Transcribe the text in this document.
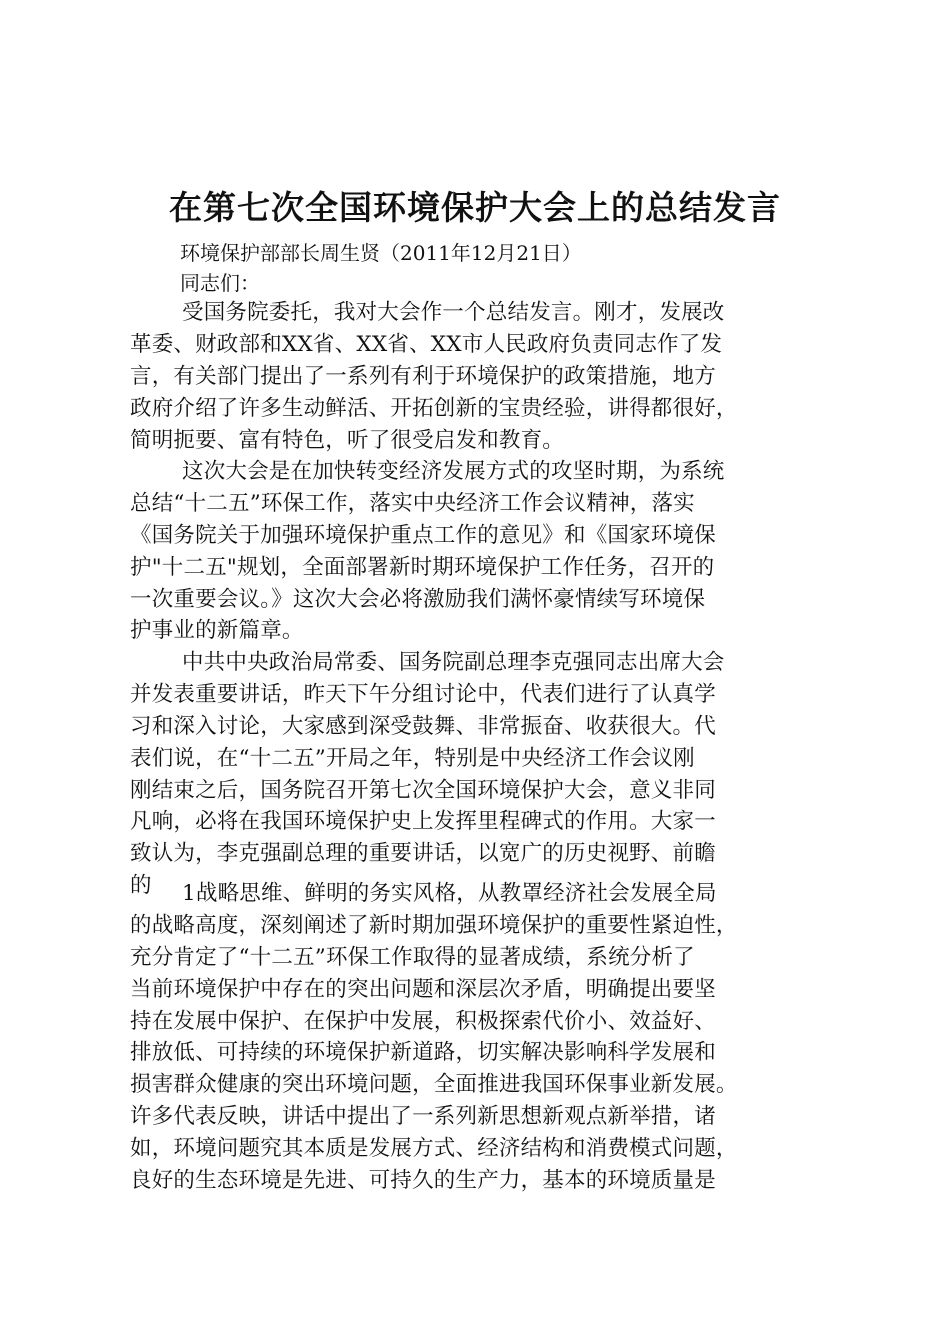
在第七次全国环境保护大会上的总结发言
环境保护部部长周生贤（2011年12月21日）
同志们：
受国务院委托，我对大会作一个总结发言。刚才，发展改
革委、财政部和XX省、XX省、XX市人民政府负责同志作了发
言，有关部门提出了一系列有利于环境保护的政策措施，地方
政府介绍了许多生动鲜活、开拓创新的宝贵经验，讲得都很好，
简明扼要、富有特色，听了很受启发和教育。
这次大会是在加快转变经济发展方式的攻坚时期，为系统
总结“十二五”环保工作，落实中央经济工作会议精神，落实
《国务院关于加强环境保护重点工作的意见》和《国家环境保
护"十二五"规划，全面部署新时期环境保护工作任务，召开的
一次重要会议。》这次大会必将激励我们满怀豪情续写环境保
护事业的新篇章。
中共中央政治局常委、国务院副总理李克强同志出席大会
并发表重要讲话，昨天下午分组讨论中，代表们进行了认真学
习和深入讨论，大家感到深受鼓舞、非常振奋、收获很大。代
表们说，在“十二五”开局之年，特别是中央经济工作会议刚
刚结束之后，国务院召开第七次全国环境保护大会，意义非同
凡响，必将在我国环境保护史上发挥里程碑式的作用。大家一
致认为，李克强副总理的重要讲话，以宽广的历史视野、前瞻
的	1战略思维、鲜明的务实风格，从教罩经济社会发展全局
的战略高度，深刻阐述了新时期加强环境保护的重要性紧迫性，
充分肯定了“十二五”环保工作取得的显著成绩，系统分析了
当前环境保护中存在的突出问题和深层次矛盾，明确提出要坚
持在发展中保护、在保护中发展，积极探索代价小、效益好、
排放低、可持续的环境保护新道路，切实解决影响科学发展和
损害群众健康的突出环境问题，全面推进我国环保事业新发展。
许多代表反映，讲话中提出了一系列新思想新观点新举措，诸
如，环境问题究其本质是发展方式、经济结构和消费模式问题，
良好的生态环境是先进、可持久的生产力，基本的环境质量是
